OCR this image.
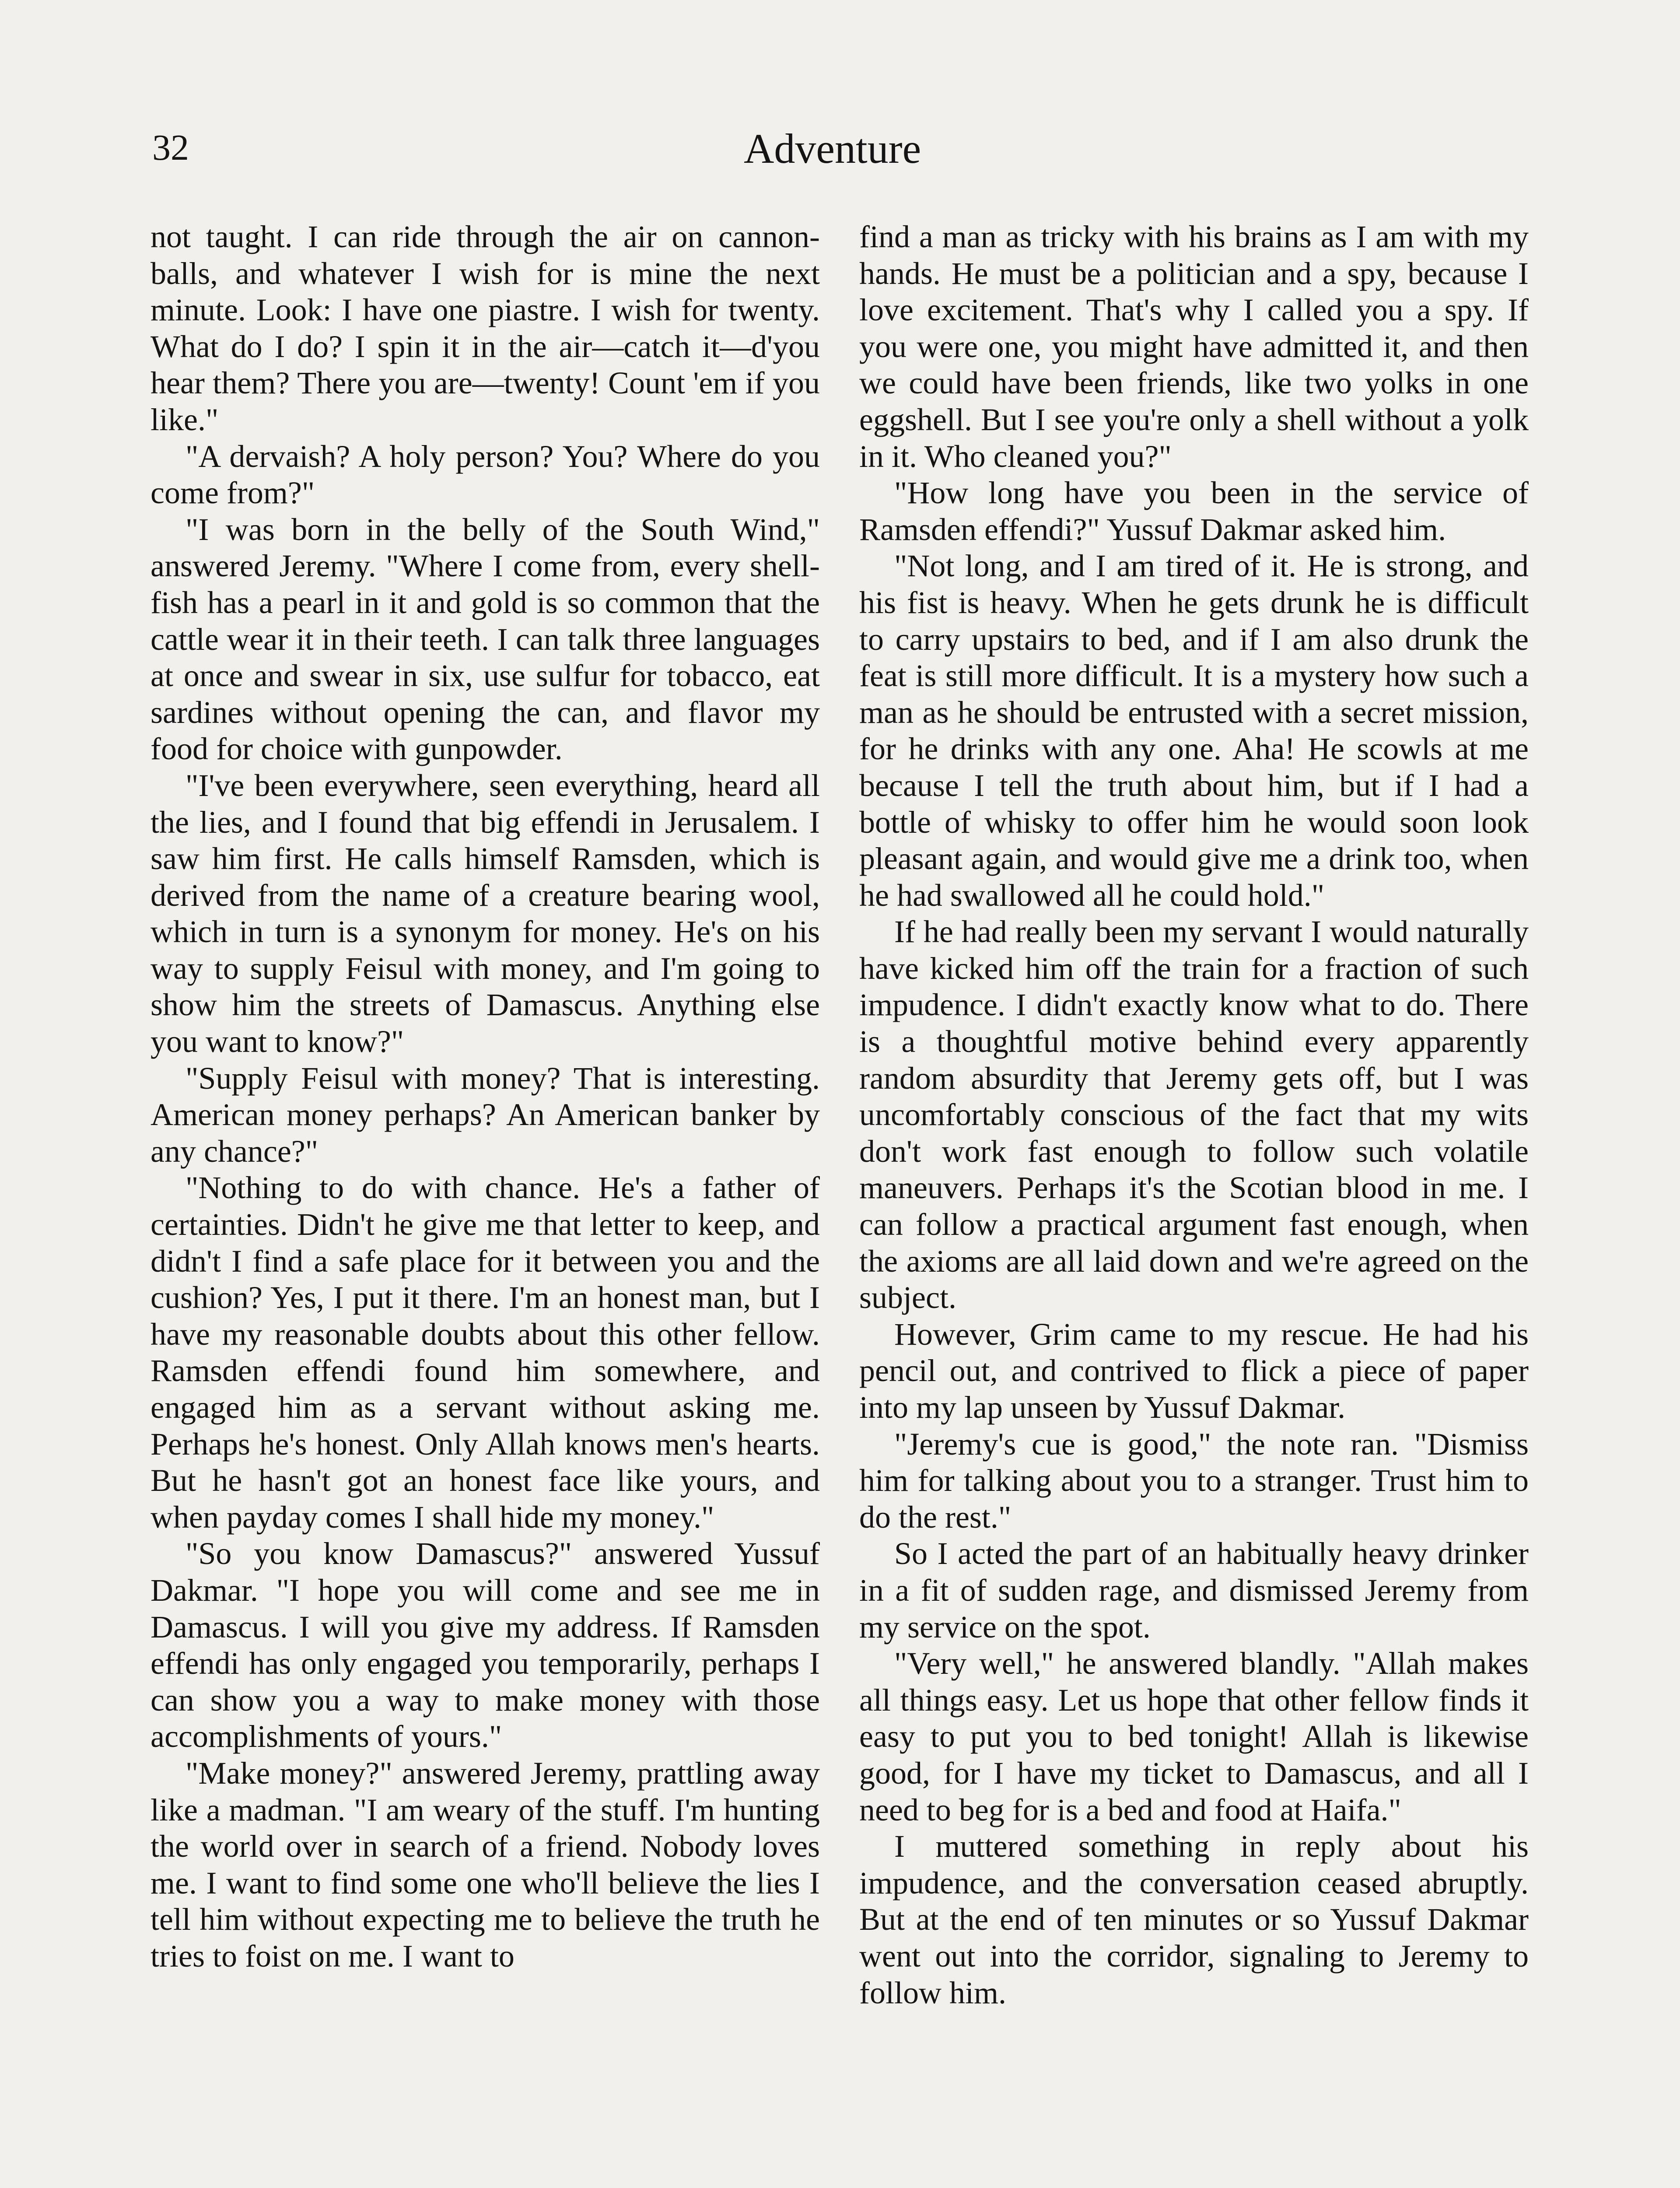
32	Adventure

not taught. I can ride through the air on cannon-balls, and whatever I wish for is mine the next minute. Look: I have one piastre. I wish for twenty. What do I do? I spin it in the air—catch it—d'you hear them? There you are—twenty! Count 'em if you like."

"A dervaish? A holy person? You? Where do you come from?"

"I was born in the belly of the South Wind," answered Jeremy. "Where I come from, every shell-fish has a pearl in it and gold is so common that the cattle wear it in their teeth. I can talk three languages at once and swear in six, use sulfur for tobacco, eat sardines without opening the can, and flavor my food for choice with gunpowder.

"I've been everywhere, seen everything, heard all the lies, and I found that big effendi in Jerusalem. I saw him first. He calls himself Ramsden, which is derived from the name of a creature bearing wool, which in turn is a synonym for money. He's on his way to supply Feisul with money, and I'm going to show him the streets of Damascus. Anything else you want to know?"

"Supply Feisul with money? That is interesting. American money perhaps? An American banker by any chance?"

"Nothing to do with chance. He's a father of certainties. Didn't he give me that letter to keep, and didn't I find a safe place for it between you and the cushion? Yes, I put it there. I'm an honest man, but I have my reasonable doubts about this other fellow. Ramsden effendi found him somewhere, and engaged him as a servant without asking me. Perhaps he's honest. Only Allah knows men's hearts. But he hasn't got an honest face like yours, and when payday comes I shall hide my money."

"So you know Damascus?" answered Yussuf Dakmar. "I hope you will come and see me in Damascus. I will you give my address. If Ramsden effendi has only engaged you temporarily, perhaps I can show you a way to make money with those accomplishments of yours."

"Make money?" answered Jeremy, prattling away like a madman. "I am weary of the stuff. I'm hunting the world over in search of a friend. Nobody loves me. I want to find some one who'll believe the lies I tell him without expecting me to believe the truth he tries to foist on me. I want to

find a man as tricky with his brains as I am with my hands. He must be a politician and a spy, because I love excitement. That's why I called you a spy. If you were one, you might have admitted it, and then we could have been friends, like two yolks in one eggshell. But I see you're only a shell without a yolk in it. Who cleaned you?"

"How long have you been in the service of Ramsden effendi?" Yussuf Dakmar asked him.

"Not long, and I am tired of it. He is strong, and his fist is heavy. When he gets drunk he is difficult to carry upstairs to bed, and if I am also drunk the feat is still more difficult. It is a mystery how such a man as he should be entrusted with a secret mission, for he drinks with any one. Aha! He scowls at me because I tell the truth about him, but if I had a bottle of whisky to offer him he would soon look pleasant again, and would give me a drink too, when he had swallowed all he could hold."

If he had really been my servant I would naturally have kicked him off the train for a fraction of such impudence. I didn't exactly know what to do. There is a thoughtful motive behind every apparently random absurdity that Jeremy gets off, but I was uncomfortably conscious of the fact that my wits don't work fast enough to follow such volatile maneuvers. Perhaps it's the Scotian blood in me. I can follow a practical argument fast enough, when the axioms are all laid down and we're agreed on the subject.

However, Grim came to my rescue. He had his pencil out, and contrived to flick a piece of paper into my lap unseen by Yussuf Dakmar.

"Jeremy's cue is good," the note ran. "Dismiss him for talking about you to a stranger. Trust him to do the rest."

So I acted the part of an habitually heavy drinker in a fit of sudden rage, and dismissed Jeremy from my service on the spot.

"Very well," he answered blandly. "Allah makes all things easy. Let us hope that other fellow finds it easy to put you to bed tonight! Allah is likewise good, for I have my ticket to Damascus, and all I need to beg for is a bed and food at Haifa."

I muttered something in reply about his impudence, and the conversation ceased abruptly. But at the end of ten minutes or so Yussuf Dakmar went out into the corridor, signaling to Jeremy to follow him.
